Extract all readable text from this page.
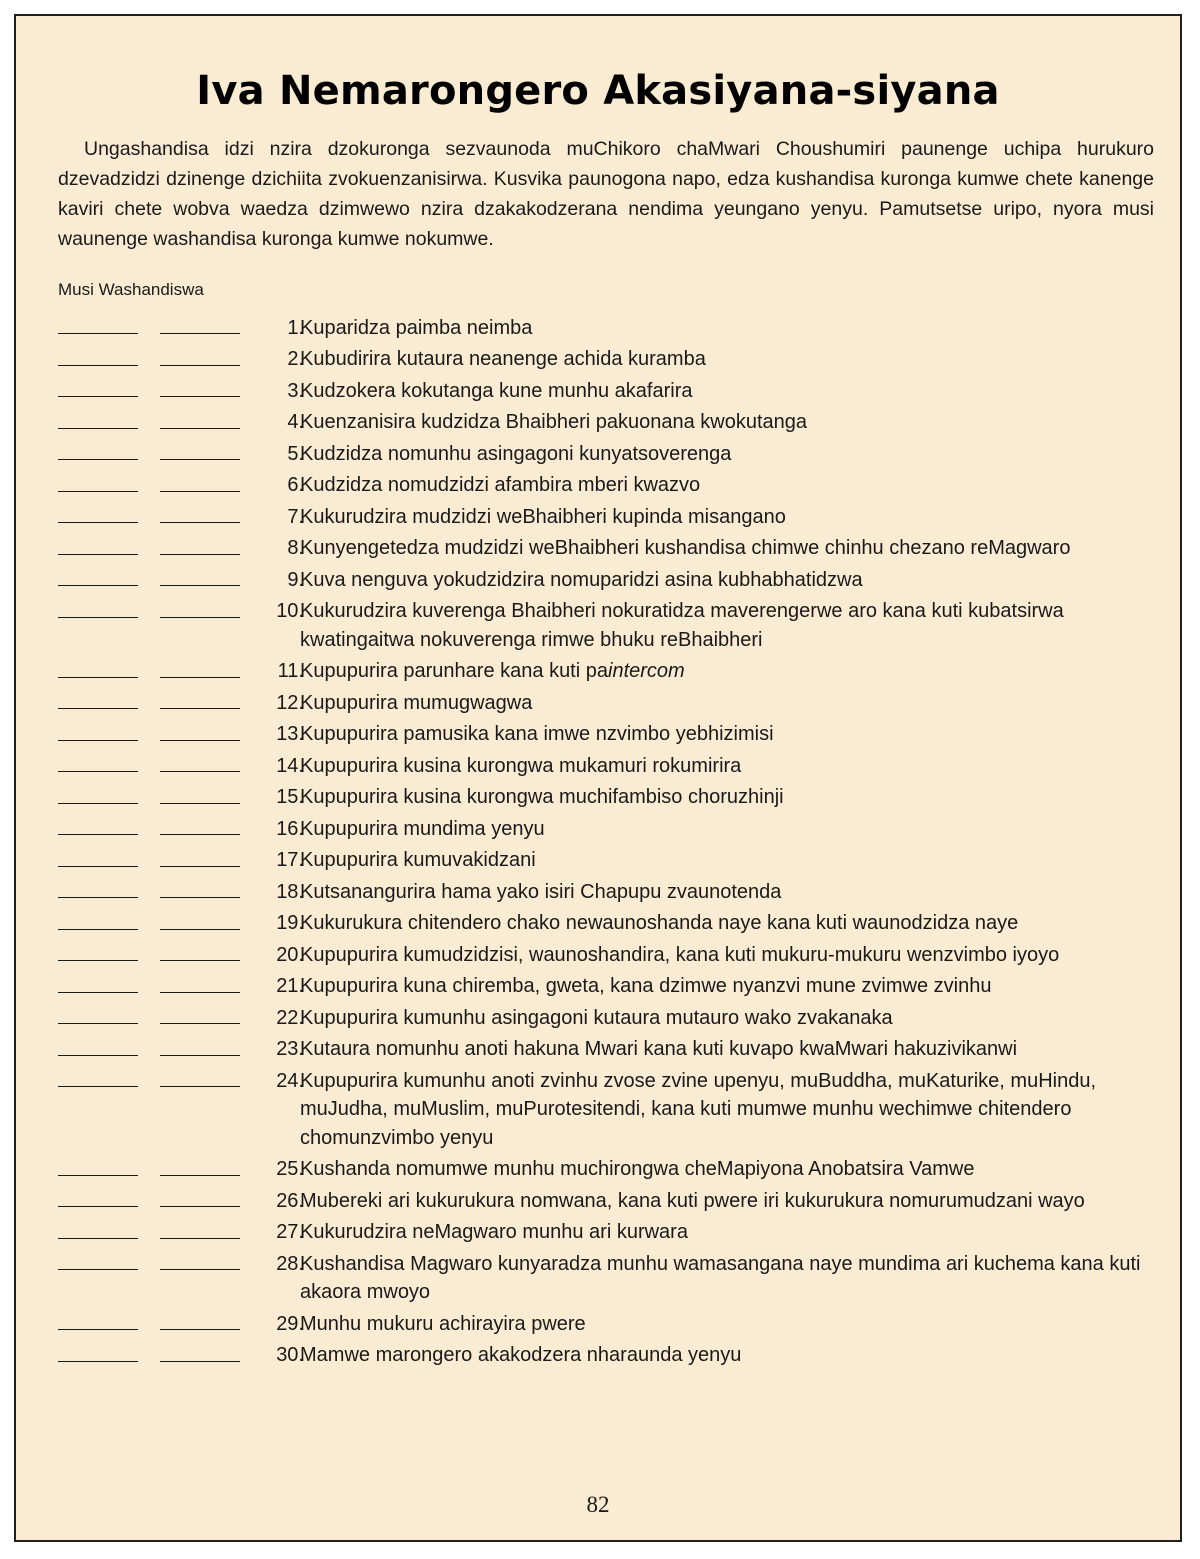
Iva Nemarongero Akasiyana-siyana

Ungashandisa idzi nzira dzokuronga sezvaunoda muChikoro chaMwari Choushumiri paunenge uchipa hurukuro dzevadzidzi dzinenge dzichiita zvokuenzanisirwa. Kusvika paunogona napo, edza kushandisa kuronga kumwe chete kanenge kaviri chete wobva waedza dzimwewo nzira dzakakodzerana nendima yeungano yenyu. Pamutsetse uripo, nyora musi waunenge washandisa kuronga kumwe nokumwe.

Musi Washandiswa
1.
Kuparidza paimba neimba
2.
Kubudirira kutaura neanenge achida kuramba
3.
Kudzokera kokutanga kune munhu akafarira
4.
Kuenzanisira kudzidza Bhaibheri pakuonana kwokutanga
5.
Kudzidza nomunhu asingagoni kunyatsoverenga
6.
Kudzidza nomudzidzi afambira mberi kwazvo
7.
Kukurudzira mudzidzi weBhaibheri kupinda misangano
8.
Kunyengetedza mudzidzi weBhaibheri kushandisa chimwe chinhu chezano reMagwaro
9.
Kuva nenguva yokudzidzira nomuparidzi asina kubhabhatidzwa
10.
Kukurudzira kuverenga Bhaibheri nokuratidza maverengerwe aro kana kuti kubatsirwa kwatingaitwa nokuverenga rimwe bhuku reBhaibheri
11.
Kupupurira parunhare kana kuti paintercom
12.
Kupupurira mumugwagwa
13.
Kupupurira pamusika kana imwe nzvimbo yebhizimisi
14.
Kupupurira kusina kurongwa mukamuri rokumirira
15.
Kupupurira kusina kurongwa muchifambiso choruzhinji
16.
Kupupurira mundima yenyu
17.
Kupupurira kumuvakidzani
18.
Kutsanangurira hama yako isiri Chapupu zvaunotenda
19.
Kukurukura chitendero chako newaunoshanda naye kana kuti waunodzidza naye
20.
Kupupurira kumudzidzisi, waunoshandira, kana kuti mukuru-mukuru wenzvimbo iyoyo
21.
Kupupurira kuna chiremba, gweta, kana dzimwe nyanzvi mune zvimwe zvinhu
22.
Kupupurira kumunhu asingagoni kutaura mutauro wako zvakanaka
23.
Kutaura nomunhu anoti hakuna Mwari kana kuti kuvapo kwaMwari hakuzivikanwi
24.
Kupupurira kumunhu anoti zvinhu zvose zvine upenyu, muBuddha, muKaturike, muHindu, muJudha, muMuslim, muPurotesitendi, kana kuti mumwe munhu wechimwe chitendero chomunzvimbo yenyu
25.
Kushanda nomumwe munhu muchirongwa cheMapiyona Anobatsira Vamwe
26.
Mubereki ari kukurukura nomwana, kana kuti pwere iri kukurukura nomurumudzani wayo
27.
Kukurudzira neMagwaro munhu ari kurwara
28.
Kushandisa Magwaro kunyaradza munhu wamasangana naye mundima ari kuchema kana kuti akaora mwoyo
29.
Munhu mukuru achirayira pwere
30.
Mamwe marongero akakodzera nharaunda yenyu
82
